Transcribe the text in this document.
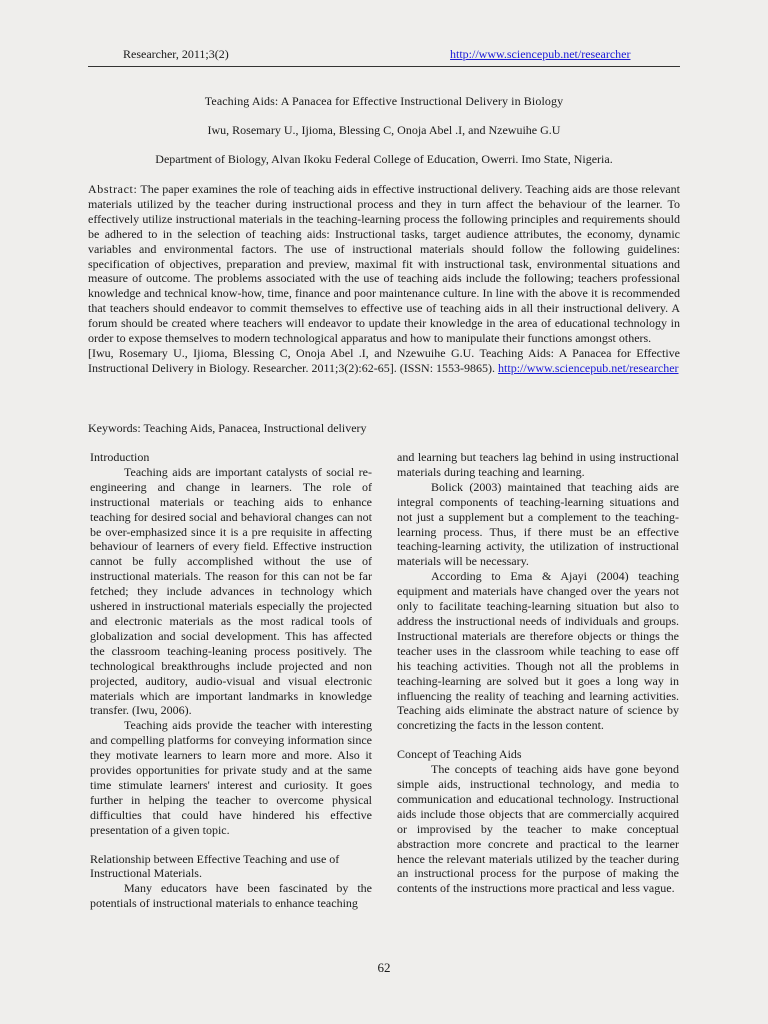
Researcher, 2011;3(2)	http://www.sciencepub.net/researcher
Teaching Aids: A Panacea for Effective Instructional Delivery in Biology
Iwu, Rosemary U., Ijioma, Blessing C, Onoja Abel .I, and Nzewuihe G.U
Department of Biology, Alvan Ikoku Federal College of Education, Owerri. Imo State, Nigeria.
Abstract: The paper examines the role of teaching aids in effective instructional delivery. Teaching aids are those relevant materials utilized by the teacher during instructional process and they in turn affect the behaviour of the learner. To effectively utilize instructional materials in the teaching-learning process the following principles and requirements should be adhered to in the selection of teaching aids: Instructional tasks, target audience attributes, the economy, dynamic variables and environmental factors. The use of instructional materials should follow the following guidelines: specification of objectives, preparation and preview, maximal fit with instructional task, environmental situations and measure of outcome. The problems associated with the use of teaching aids include the following; teachers professional knowledge and technical know-how, time, finance and poor maintenance culture. In line with the above it is recommended that teachers should endeavor to commit themselves to effective use of teaching aids in all their instructional delivery. A forum should be created where teachers will endeavor to update their knowledge in the area of educational technology in order to expose themselves to modern technological apparatus and how to manipulate their functions amongst others.
[Iwu, Rosemary U., Ijioma, Blessing C, Onoja Abel .I, and Nzewuihe G.U. Teaching Aids: A Panacea for Effective Instructional Delivery in Biology. Researcher. 2011;3(2):62-65]. (ISSN: 1553-9865). http://www.sciencepub.net/researcher
Keywords: Teaching Aids, Panacea, Instructional delivery

Introduction

Teaching aids are important catalysts of social re-engineering and change in learners. The role of instructional materials or teaching aids to enhance teaching for desired social and behavioral changes can not be over-emphasized since it is a pre requisite in affecting behaviour of learners of every field. Effective instruction cannot be fully accomplished without the use of instructional materials. The reason for this can not be far fetched; they include advances in technology which ushered in instructional materials especially the projected and electronic materials as the most radical tools of globalization and social development. This has affected the classroom teaching-leaning process positively. The technological breakthroughs include projected and non projected, auditory, audio-visual and visual electronic materials which are important landmarks in knowledge transfer. (Iwu, 2006).

Teaching aids provide the teacher with interesting and compelling platforms for conveying information since they motivate learners to learn more and more. Also it provides opportunities for private study and at the same time stimulate learners' interest and curiosity. It goes further in helping the teacher to overcome physical difficulties that could have hindered his effective presentation of a given topic.

Relationship between Effective Teaching and use of Instructional Materials.

Many educators have been fascinated by the potentials of instructional materials to enhance teaching

and learning but teachers lag behind in using instructional materials during teaching and learning.

Bolick (2003) maintained that teaching aids are integral components of teaching-learning situations and not just a supplement but a complement to the teaching-learning process. Thus, if there must be an effective teaching-learning activity, the utilization of instructional materials will be necessary.

According to Ema & Ajayi (2004) teaching equipment and materials have changed over the years not only to facilitate teaching-learning situation but also to address the instructional needs of individuals and groups. Instructional materials are therefore objects or things the teacher uses in the classroom while teaching to ease off his teaching activities. Though not all the problems in teaching-learning are solved but it goes a long way in influencing the reality of teaching and learning activities. Teaching aids eliminate the abstract nature of science by concretizing the facts in the lesson content.

Concept of Teaching Aids

The concepts of teaching aids have gone beyond simple aids, instructional technology, and media to communication and educational technology. Instructional aids include those objects that are commercially acquired or improvised by the teacher to make conceptual abstraction more concrete and practical to the learner hence the relevant materials utilized by the teacher during an instructional process for the purpose of making the contents of the instructions more practical and less vague.

62
